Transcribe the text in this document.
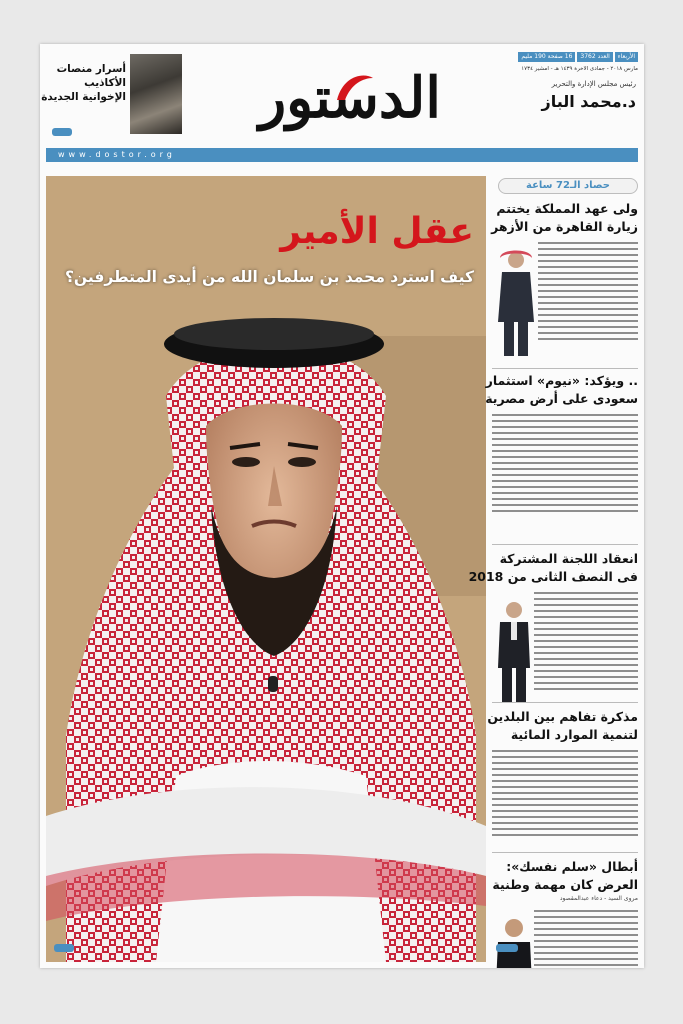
الأربعاء
العدد 3762
16 صفحة 190 مليم
مارس ٢٠١٨ - جمادى الآخرة ١٤٣٩ هـ - أمشير ١٧٣٤
رئيس مجلس الإدارة والتحرير
د.محمد الباز
الدستور
أسرار منصات
الأكاذيب
الإخوانية الجديدة
www.dostor.org
عقل الأمير
كيف استرد محمد بن سلمان الله من أيدى المتطرفين؟
حصاد الـ72 ساعة
ولى عهد المملكة يختتم
زيارة القاهرة من الأزهر
.. ويؤكد: «نيوم» استثمار
سعودى على أرض مصرية
انعقاد اللجنة المشتركة
فى النصف الثانى من 2018
مذكرة تفاهم بين البلدين
لتنمية الموارد المائية
أبطال «سلم نفسك»:
العرض كان مهمة وطنية
مروى السيد - دعاء عبدالمقصود
